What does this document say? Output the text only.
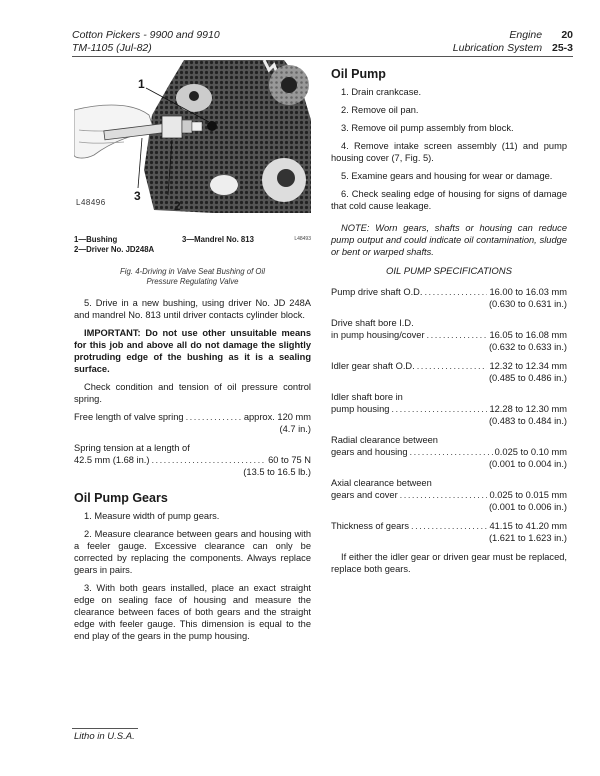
Cotton Pickers - 9900 and 9910
TM-1105 (Jul-82)
Engine 20
Lubrication System 25-3
1
2
3
L48496
L48493
1—Bushing
2—Driver No. JD248A
3—Mandrel No. 813
Fig. 4-Driving in Valve Seat Bushing of Oil
Pressure Regulating Valve

5. Drive in a new bushing, using driver No. JD 248A and mandrel No. 813 until driver contacts cylinder block.

IMPORTANT: Do not use other unsuitable means for this job and above all do not damage the slightly protruding edge of the bushing as it is a sealing surface.

Check condition and tension of oil pressure control spring.

Free length of valve spring .....	approx. 120 mm
(4.7 in.)
Spring tension at a length of
42.5 mm (1.68 in.) .....	60 to 75 N
(13.5 to 16.5 lb.)
Oil Pump Gears

1. Measure width of pump gears.

2. Measure clearance between gears and housing with a feeler gauge. Excessive clearance can only be corrected by replacing the components. Always replace gears in pairs.

3. With both gears installed, place an exact straight edge on sealing face of housing and measure the clearance between faces of both gears and the straight edge with feeler gauge. This dimension is equal to the end play of the gears in the pump housing.

Oil Pump

1. Drain crankcase.

2. Remove oil pan.

3. Remove oil pump assembly from block.

4. Remove intake screen assembly (11) and pump housing cover (7, Fig. 5).

5. Examine gears and housing for wear or damage.

6. Check sealing edge of housing for signs of damage that cold cause leakage.

NOTE: Worn gears, shafts or housing can reduce pump output and could indicate oil contamination, sludge or bent or warped shafts.

OIL PUMP SPECIFICATIONS
Pump drive shaft O.D. .....	16.00 to 16.03 mm
(0.630 to 0.631 in.)
Drive shaft bore I.D.
in pump housing/cover .....	16.05 to 16.08 mm
(0.632 to 0.633 in.)
Idler gear shaft O.D. .....	12.32 to 12.34 mm
(0.485 to 0.486 in.)
Idler shaft bore in
pump housing .....	12.28 to 12.30 mm
(0.483 to 0.484 in.)
Radial clearance between
gears and housing .....	0.025 to 0.10 mm
(0.001 to 0.004 in.)
Axial clearance between
gears and cover .....	0.025 to 0.015 mm
(0.001 to 0.006 in.)
Thickness of gears .....	41.15 to 41.20 mm
(1.621 to 1.623 in.)

If either the idler gear or driven gear must be replaced, replace both gears.

Litho in U.S.A.
